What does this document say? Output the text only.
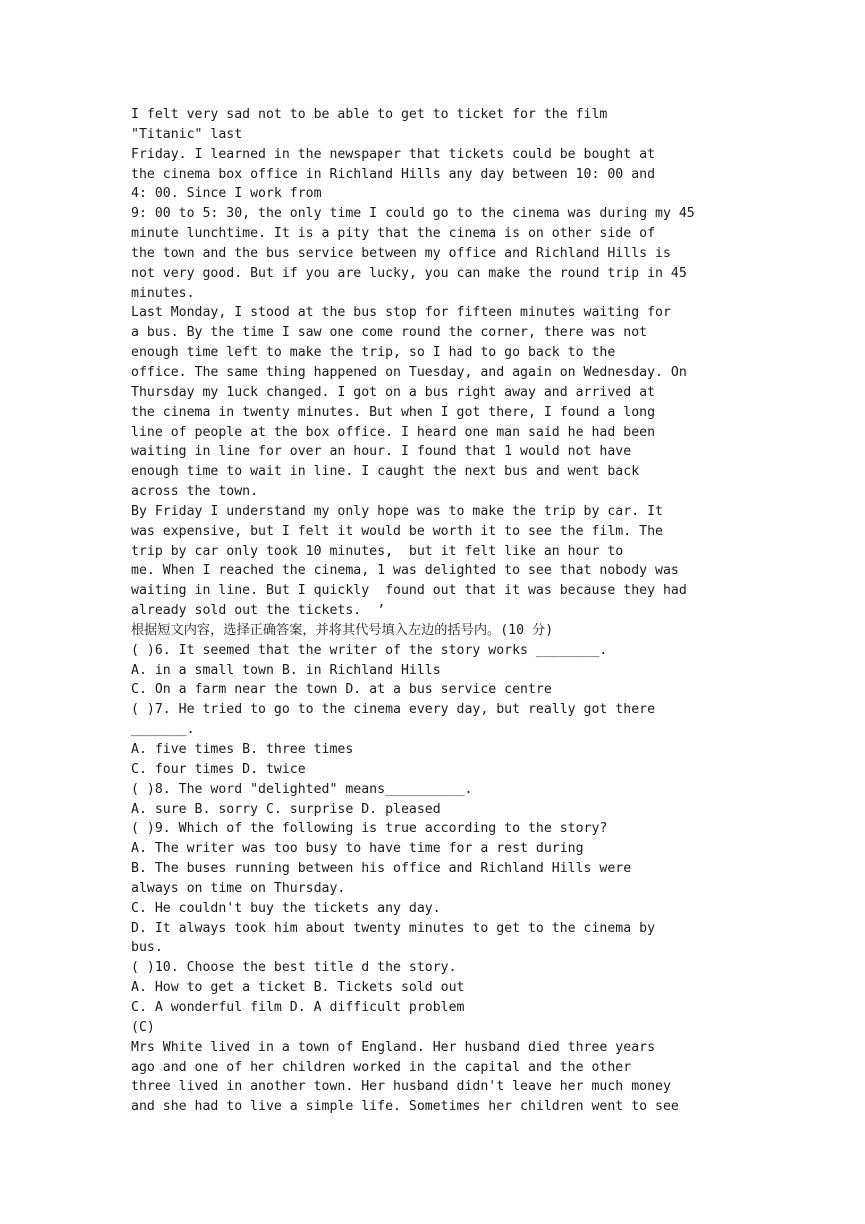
I felt very sad not to be able to get to ticket for the film
"Titanic" last
Friday. I learned in the newspaper that tickets could be bought at
the cinema box office in Richland Hills any day between 10: 00 and
4: 00. Since I work from
9: 00 to 5: 30, the only time I could go to the cinema was during my 45
minute lunchtime. It is a pity that the cinema is on other side of
the town and the bus service between my office and Richland Hills is
not very good. But if you are lucky, you can make the round trip in 45
minutes.
Last Monday, I stood at the bus stop for fifteen minutes waiting for
a bus. By the time I saw one come round the corner, there was not
enough time left to make the trip, so I had to go back to the
office. The same thing happened on Tuesday, and again on Wednesday. On
Thursday my 1uck changed. I got on a bus right away and arrived at
the cinema in twenty minutes. But when I got there, I found a long
line of people at the box office. I heard one man said he had been
waiting in line for over an hour. I found that 1 would not have
enough time to wait in line. I caught the next bus and went back
across the town.
By Friday I understand my only hope was to make the trip by car. It
was expensive, but I felt it would be worth it to see the film. The
trip by car only took 10 minutes,  but it felt like an hour to
me. When I reached the cinema, 1 was delighted to see that nobody was
waiting in line. But I quickly  found out that it was because they had
already sold out the tickets.  ’
根据短文内容，选择正确答案，并将其代号填入左边的括号内。(10 分)
( )6. It seemed that the writer of the story works ________.
A. in a small town B. in Richland Hills
C. On a farm near the town D. at a bus service centre
( )7. He tried to go to the cinema every day, but really got there
_______.
A. five times B. three times
C. four times D. twice
( )8. The word "delighted" means__________.
A. sure B. sorry C. surprise D. pleased
( )9. Which of the following is true according to the story?
A. The writer was too busy to have time for a rest during
B. The buses running between his office and Richland Hills were
always on time on Thursday.
C. He couldn't buy the tickets any day.
D. It always took him about twenty minutes to get to the cinema by
bus.
( )10. Choose the best title d the story.
A. How to get a ticket B. Tickets sold out
C. A wonderful film D. A difficult problem
(C)
Mrs White lived in a town of England. Her husband died three years
ago and one of her children worked in the capital and the other
three lived in another town. Her husband didn't leave her much money
and she had to live a simple life. Sometimes her children went to see
